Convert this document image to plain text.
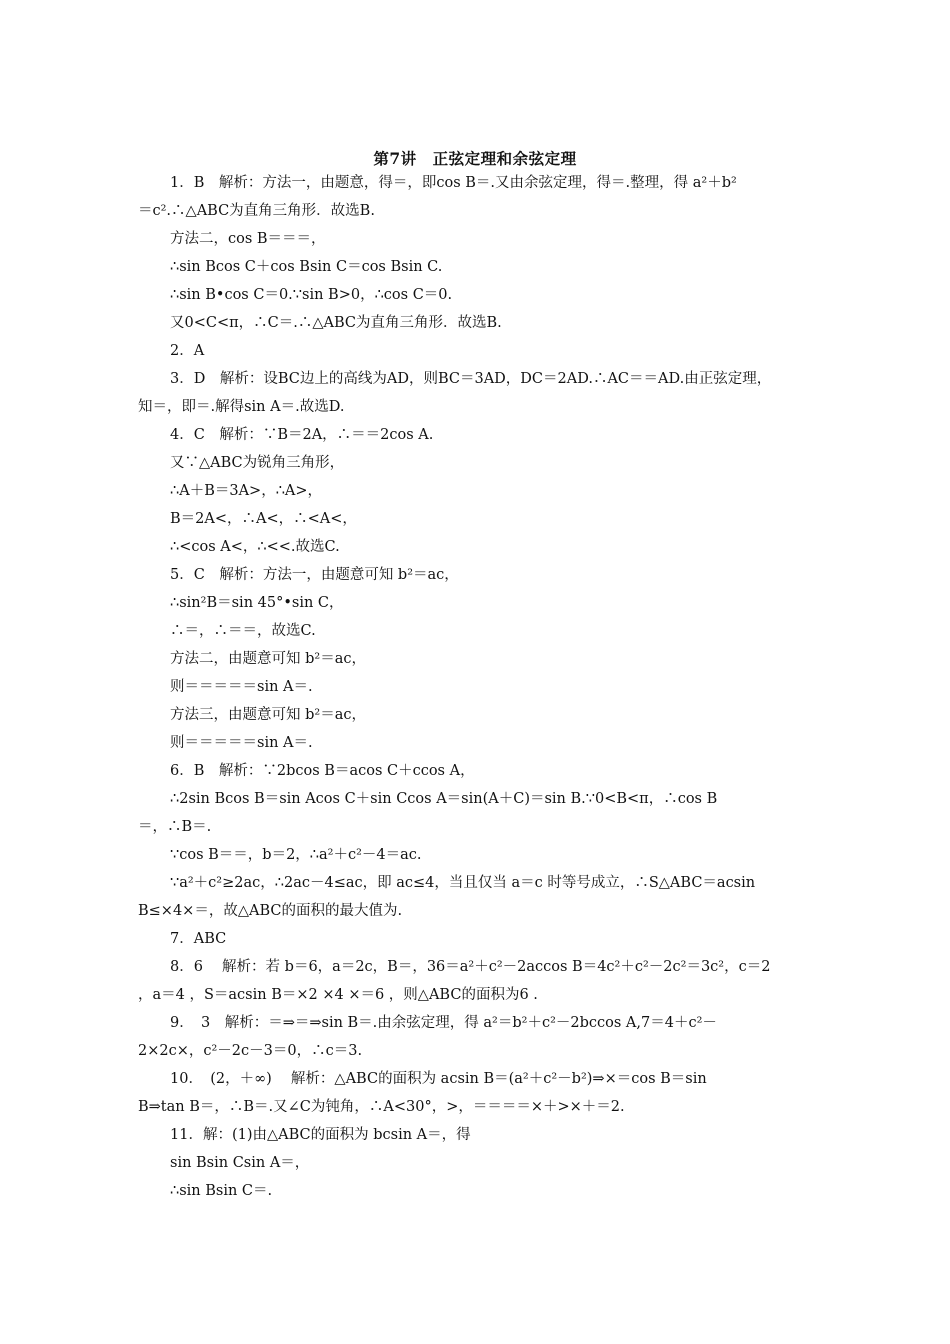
第7讲　正弦定理和余弦定理
1．B　解析：方法一，由题意，得＝，即cos B＝.又由余弦定理，得＝.整理，得 a²＋b²
＝c².∴△ABC为直角三角形．故选B.
方法二，cos B＝＝＝，
∴sin Bcos C＋cos Bsin C＝cos Bsin C.
∴sin B•cos C＝0.∵sin B>0，∴cos C＝0.
又0<C<π，∴C＝.∴△ABC为直角三角形．故选B.
2．A
3．D　解析：设BC边上的高线为AD，则BC＝3AD，DC＝2AD.∴AC＝＝AD.由正弦定理，
知＝，即＝.解得sin A＝.故选D.
4．C　解析：∵B＝2A，∴＝＝2cos A.
又∵△ABC为锐角三角形，
∴A＋B＝3A>，∴A>，
B＝2A<，∴A<，∴<A<，
∴<cos A<，∴<<.故选C.
5．C　解析：方法一，由题意可知 b²＝ac，
∴sin²B＝sin 45°•sin C，
∴＝，∴＝＝，故选C.
方法二，由题意可知 b²＝ac，
则＝＝＝＝＝sin A＝.
方法三，由题意可知 b²＝ac，
则＝＝＝＝＝sin A＝.
6．B　解析：∵2bcos B＝acos C＋ccos A，
∴2sin Bcos B＝sin Acos C＋sin Ccos A＝sin(A＋C)＝sin B.∵0<B<π，∴cos B
＝，∴B＝.
∵cos B＝＝，b＝2，∴a²＋c²－4＝ac.
∵a²＋c²≥2ac，∴2ac－4≤ac，即 ac≤4，当且仅当 a＝c 时等号成立，∴S△ABC＝acsin
B≤×4×＝，故△ABC的面积的最大值为.
7．ABC
8．6　 解析：若 b＝6，a＝2c，B＝，36＝a²＋c²－2accos B＝4c²＋c²－2c²＝3c²，c＝2
，a＝4 ，S＝acsin B＝×2 ×4 ×＝6 ，则△ABC的面积为6 .
9．　3　解析：＝⇒＝⇒sin B＝.由余弦定理，得 a²＝b²＋c²－2bccos A,7＝4＋c²－
2×2c×，c²－2c－3＝0，∴c＝3.
10．　(2，＋∞)　 解析：△ABC的面积为 acsin B＝(a²＋c²－b²)⇒×＝cos B＝sin
B⇒tan B＝，∴B＝.又∠C为钝角，∴A<30°，>，＝＝＝＝×＋>×＋＝2.
11．解：(1)由△ABC的面积为 bcsin A＝，得
sin Bsin Csin A＝，
∴sin Bsin C＝.
